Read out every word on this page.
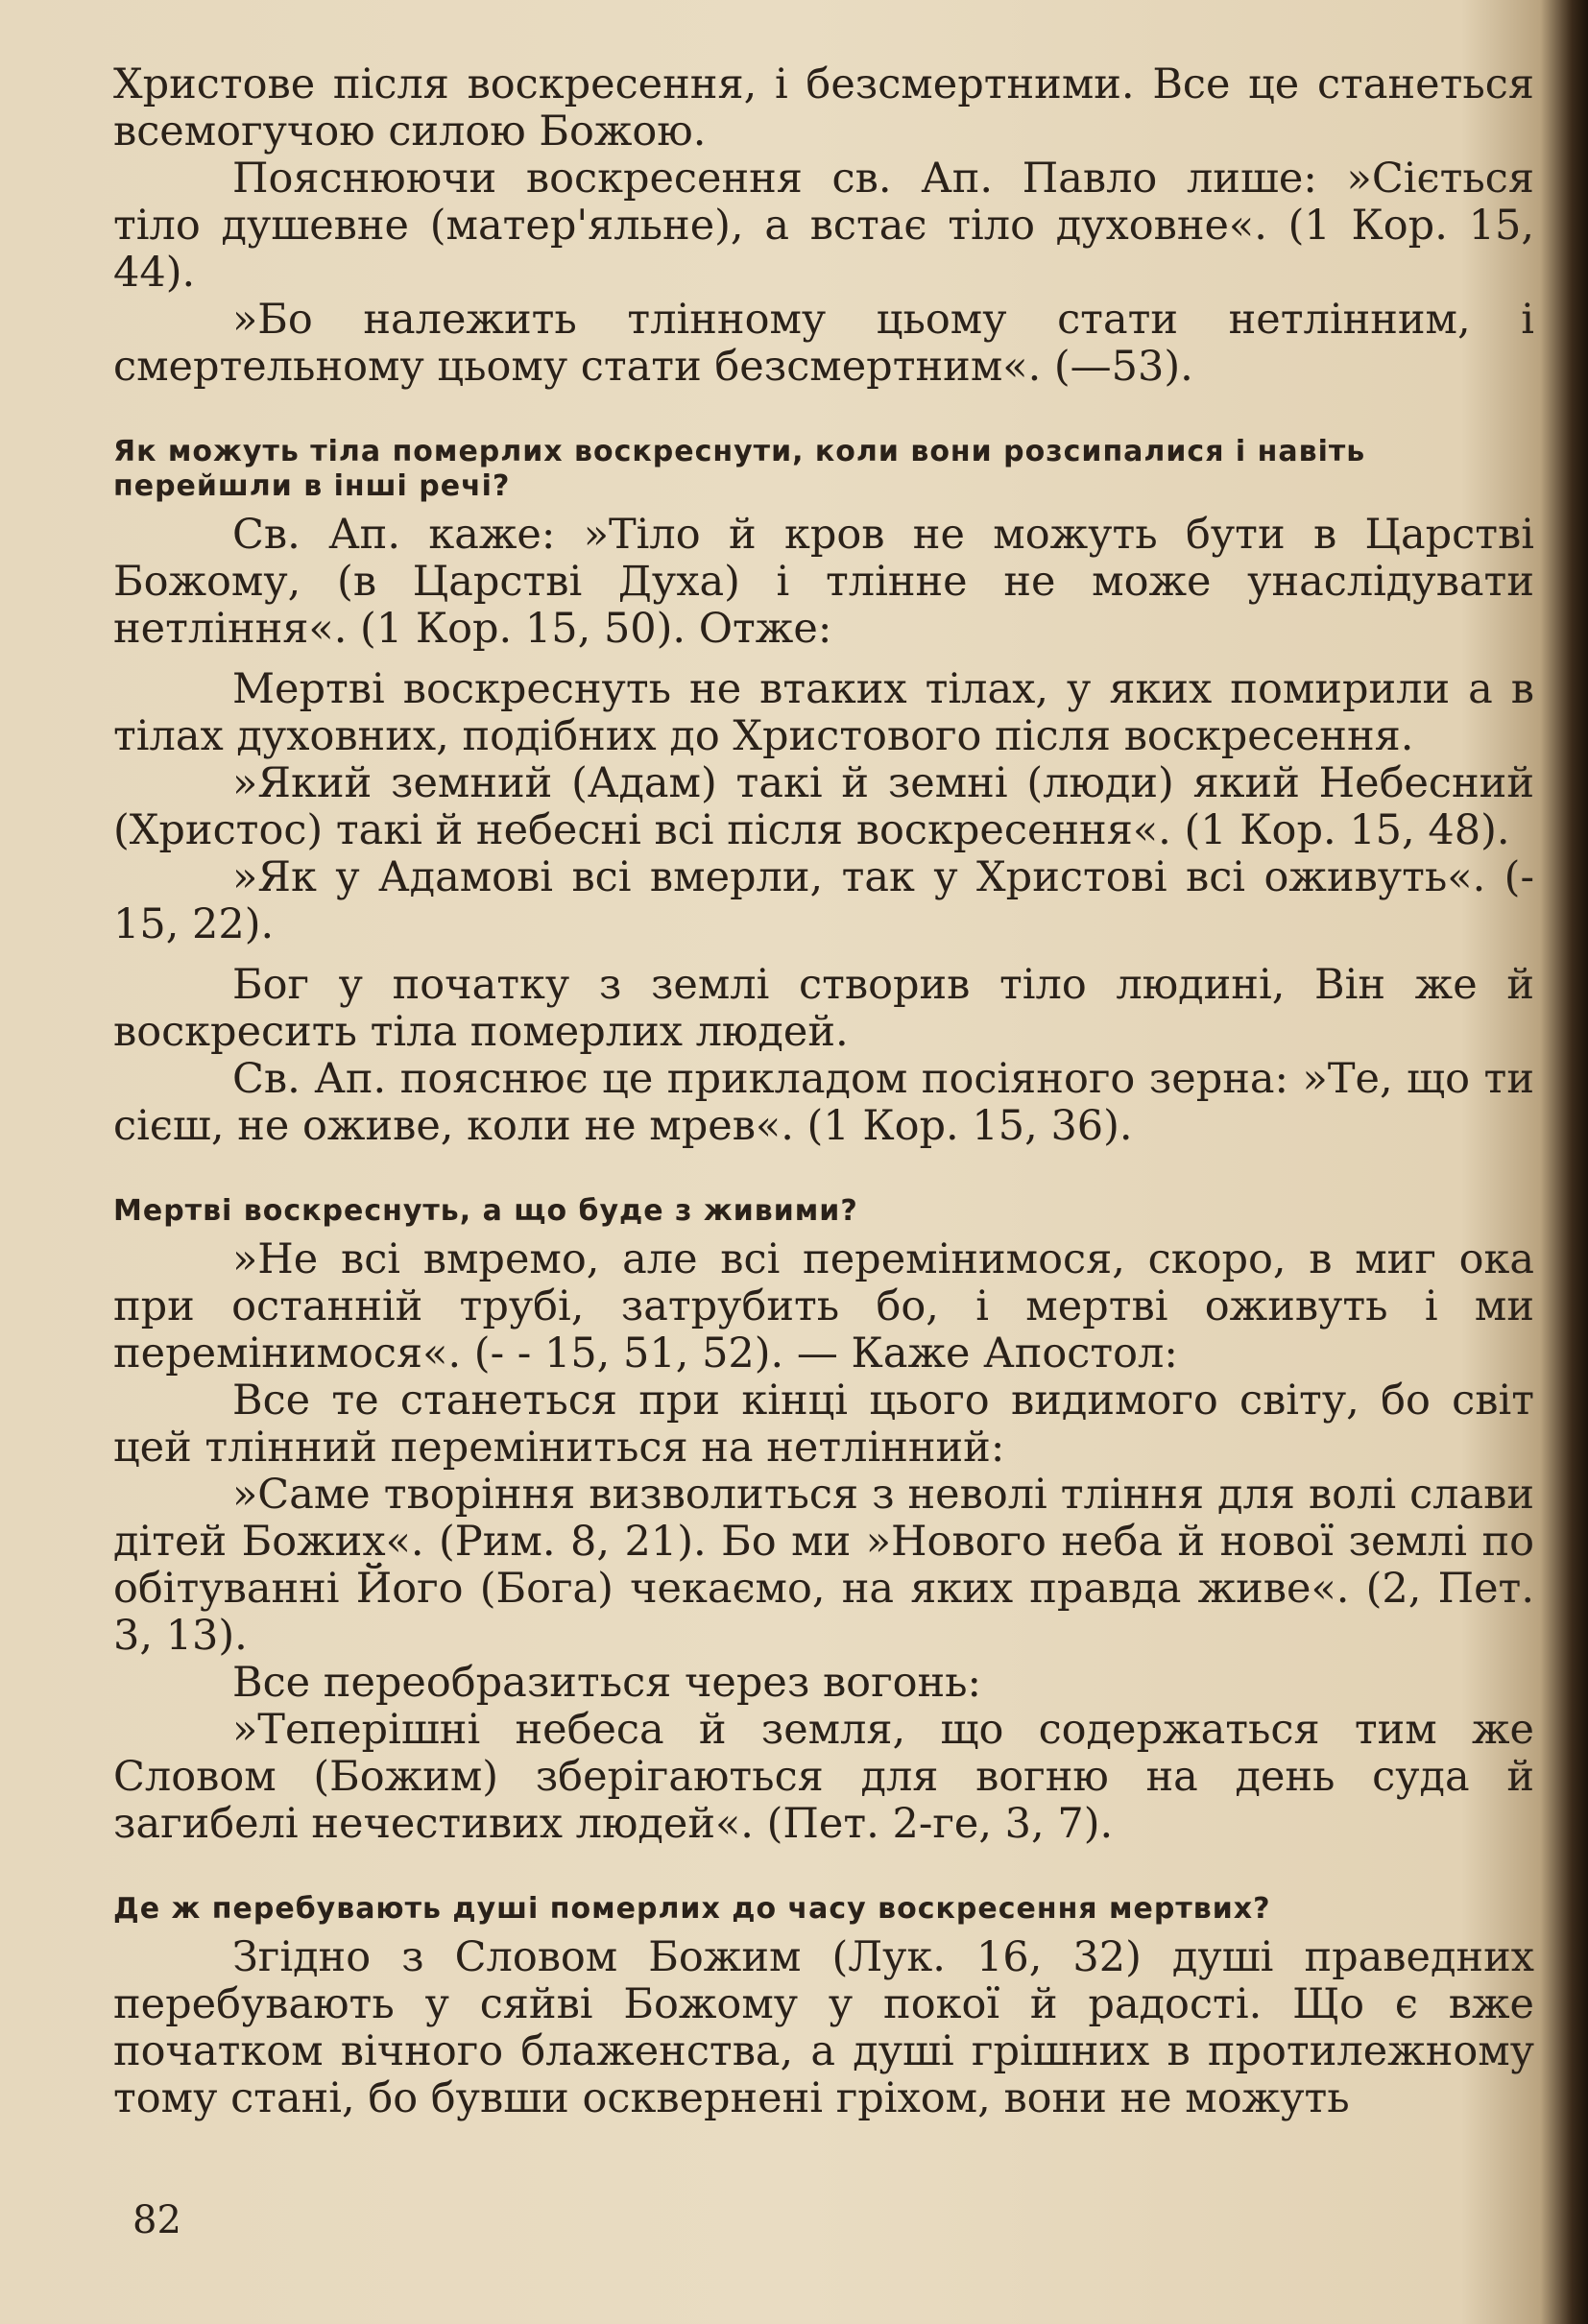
Христове після воскресення, і безсмертними. Все це станеться всемогучою силою Божою.

Пояснюючи воскресення св. Ап. Павло лише: »Сіється тіло душевне (матер'яльне), а встає тіло духовне«. (1 Кор. 15, 44).

»Бо належить тлінному цьому стати нетлінним, і смертельному цьому стати безсмертним«. (—53).

Як можуть тіла померлих воскреснути, коли вони розсипалися і навіть перейшли в інші речі?

Св. Ап. каже: »Тіло й кров не можуть бути в Царстві Божому, (в Царстві Духа) і тлінне не може унаслідувати нетління«. (1 Кор. 15, 50). Отже:

Мертві воскреснуть не втаких тілах, у яких помирили а в тілах духовних, подібних до Христового після воскресення.

»Який земний (Адам) такі й земні (люди) який Небесний (Христос) такі й небесні всі після воскресення«. (1 Кор. 15, 48).

»Як у Адамові всі вмерли, так у Христові всі оживуть«. (- 15, 22).

Бог у початку з землі створив тіло людині, Він же й воскресить тіла померлих людей.

Св. Ап. пояснює це прикладом посіяного зерна: »Те, що ти сієш, не оживе, коли не мрев«. (1 Кор. 15, 36).

Мертві воскреснуть, а що буде з живими?

»Не всі вмремо, але всі перемінимося, скоро, в миг ока при останній трубі, затрубить бо, і мертві оживуть і ми перемінимося«. (- - 15, 51, 52). — Каже Апостол:

Все те станеться при кінці цього видимого світу, бо світ цей тлінний переміниться на нетлінний:

»Саме творіння визволиться з неволі тління для волі слави дітей Божих«. (Рим. 8, 21). Бо ми »Нового неба й нової землі по обітуванні Його (Бога) чекаємо, на яких правда живе«. (2, Пет. 3, 13).

Все переобразиться через вогонь:

»Теперішні небеса й земля, що содержаться тим же Словом (Божим) зберігаються для вогню на день суда й загибелі нечестивих людей«. (Пет. 2-ге, 3, 7).

Де ж перебувають душі померлих до часу воскресення мертвих?

Згідно з Словом Божим (Лук. 16, 32) душі праведних перебувають у сяйві Божому у покої й радості. Що є вже початком вічного блаженства, а душі грішних в протилежному тому стані, бо бувши осквернені гріхом, вони не можуть

82
